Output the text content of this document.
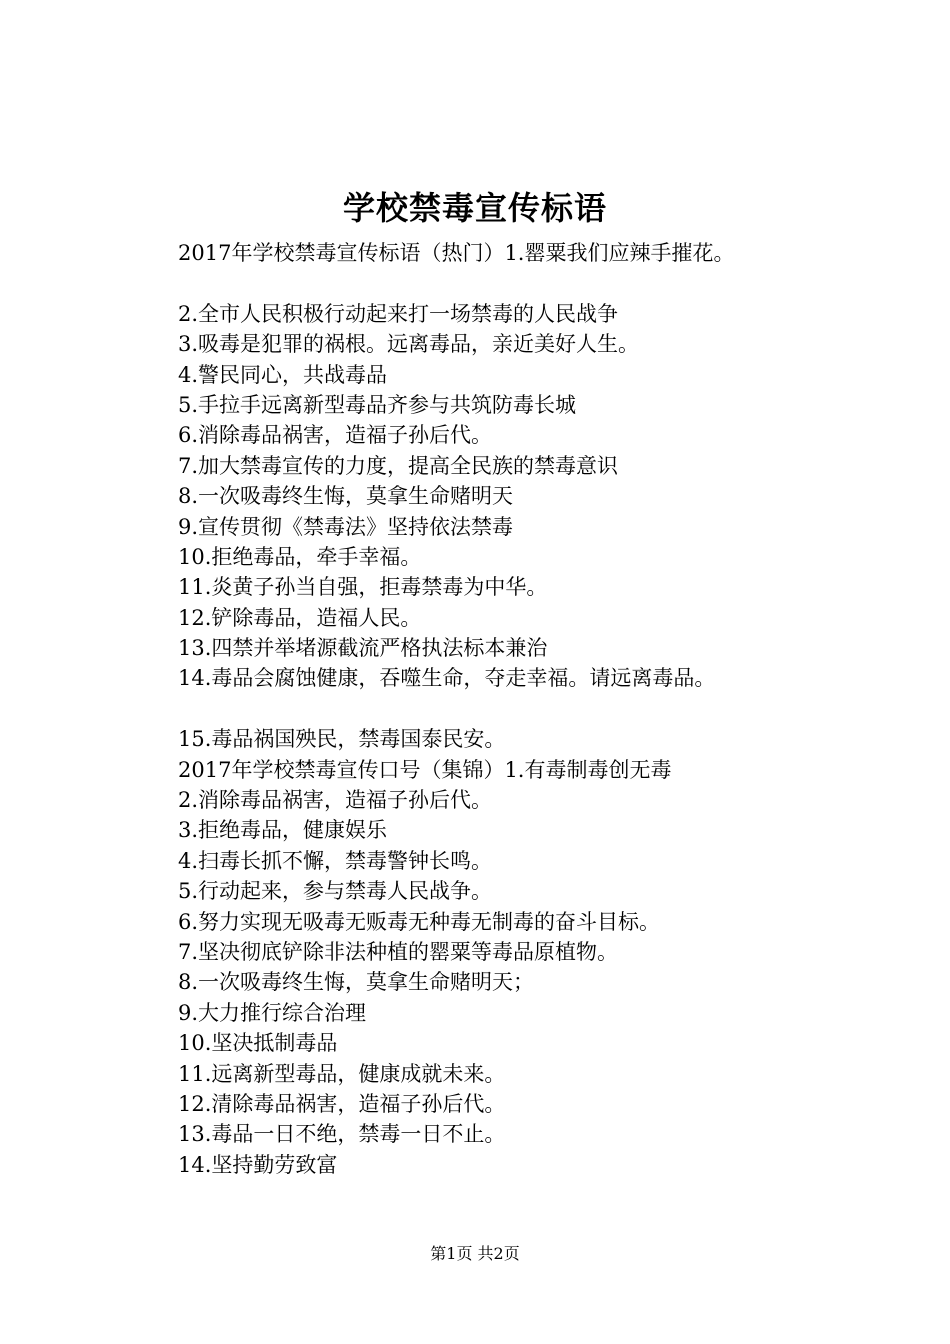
学校禁毒宣传标语
2017年学校禁毒宣传标语（热门）1.罂粟我们应辣手摧花。
2.全市人民积极行动起来打一场禁毒的人民战争
3.吸毒是犯罪的祸根。远离毒品，亲近美好人生。
4.警民同心，共战毒品
5.手拉手远离新型毒品齐参与共筑防毒长城
6.消除毒品祸害，造福子孙后代。
7.加大禁毒宣传的力度，提高全民族的禁毒意识
8.一次吸毒终生悔，莫拿生命赌明天
9.宣传贯彻《禁毒法》坚持依法禁毒
10.拒绝毒品，牵手幸福。
11.炎黄子孙当自强，拒毒禁毒为中华。
12.铲除毒品，造福人民。
13.四禁并举堵源截流严格执法标本兼治
14.毒品会腐蚀健康，吞噬生命，夺走幸福。请远离毒品。
15.毒品祸国殃民，禁毒国泰民安。
2017年学校禁毒宣传口号（集锦）1.有毒制毒创无毒
2.消除毒品祸害，造福子孙后代。
3.拒绝毒品，健康娱乐
4.扫毒长抓不懈，禁毒警钟长鸣。
5.行动起来，参与禁毒人民战争。
6.努力实现无吸毒无贩毒无种毒无制毒的奋斗目标。
7.坚决彻底铲除非法种植的罂粟等毒品原植物。
8.一次吸毒终生悔，莫拿生命赌明天；
9.大力推行综合治理
10.坚决抵制毒品
11.远离新型毒品，健康成就未来。
12.清除毒品祸害，造福子孙后代。
13.毒品一日不绝，禁毒一日不止。
14.坚持勤劳致富
第1页 共2页
